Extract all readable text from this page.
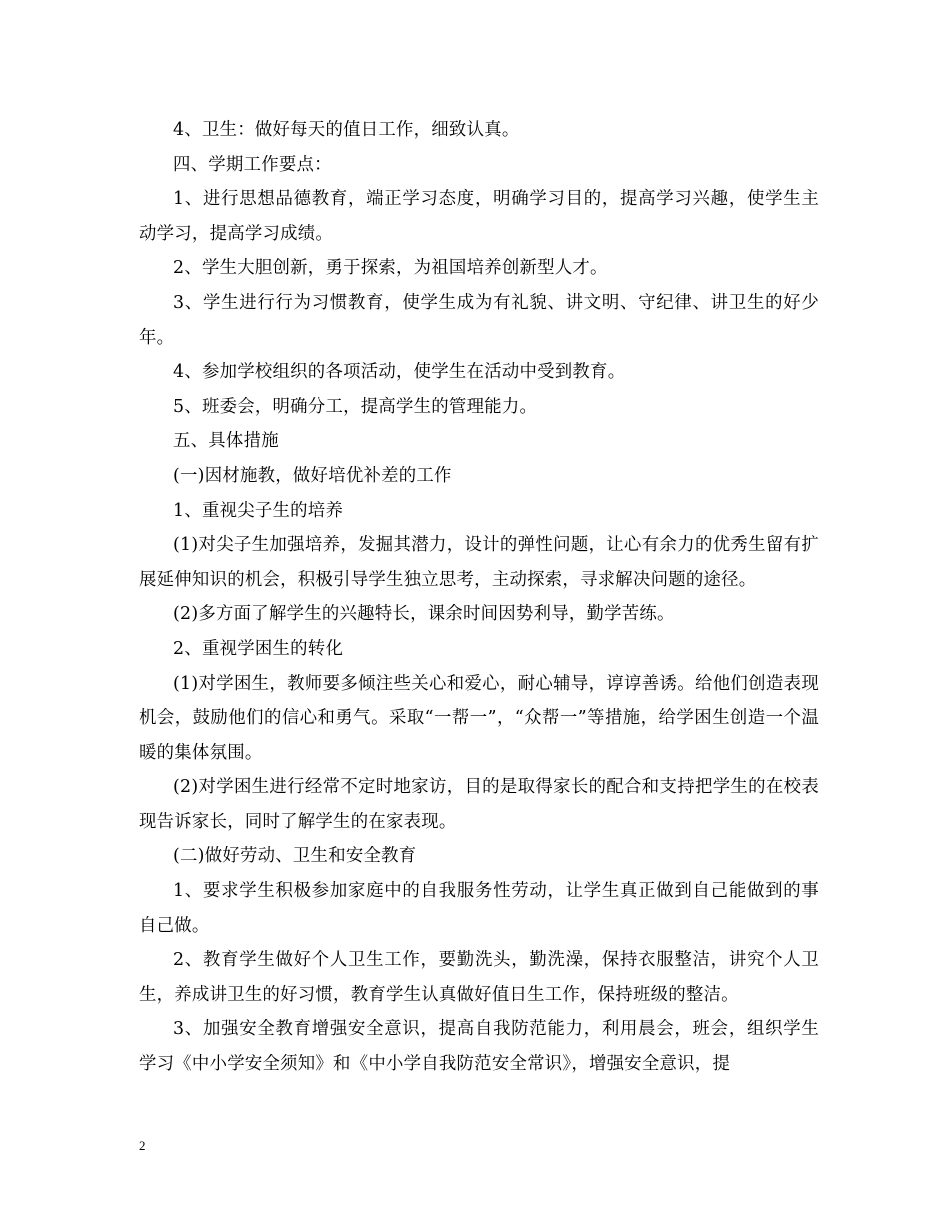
4、卫生：做好每天的值日工作，细致认真。

四、学期工作要点：

1、进行思想品德教育，端正学习态度，明确学习目的，提高学习兴趣，使学生主动学习，提高学习成绩。

2、学生大胆创新，勇于探索，为祖国培养创新型人才。

3、学生进行行为习惯教育，使学生成为有礼貌、讲文明、守纪律、讲卫生的好少年。

4、参加学校组织的各项活动，使学生在活动中受到教育。

5、班委会，明确分工，提高学生的管理能力。

五、具体措施

(一)因材施教，做好培优补差的工作

1、重视尖子生的培养

(1)对尖子生加强培养，发掘其潜力，设计的弹性问题，让心有余力的优秀生留有扩展延伸知识的机会，积极引导学生独立思考，主动探索，寻求解决问题的途径。

(2)多方面了解学生的兴趣特长，课余时间因势利导，勤学苦练。

2、重视学困生的转化

(1)对学困生，教师要多倾注些关心和爱心，耐心辅导，谆谆善诱。给他们创造表现机会，鼓励他们的信心和勇气。采取“一帮一”，“众帮一”等措施，给学困生创造一个温暖的集体氛围。

(2)对学困生进行经常不定时地家访，目的是取得家长的配合和支持把学生的在校表现告诉家长，同时了解学生的在家表现。

(二)做好劳动、卫生和安全教育

1、要求学生积极参加家庭中的自我服务性劳动，让学生真正做到自己能做到的事自己做。

2、教育学生做好个人卫生工作，要勤洗头，勤洗澡，保持衣服整洁，讲究个人卫生，养成讲卫生的好习惯，教育学生认真做好值日生工作，保持班级的整洁。

3、加强安全教育增强安全意识，提高自我防范能力，利用晨会，班会，组织学生学习《中小学安全须知》和《中小学自我防范安全常识》，增强安全意识，提

2
